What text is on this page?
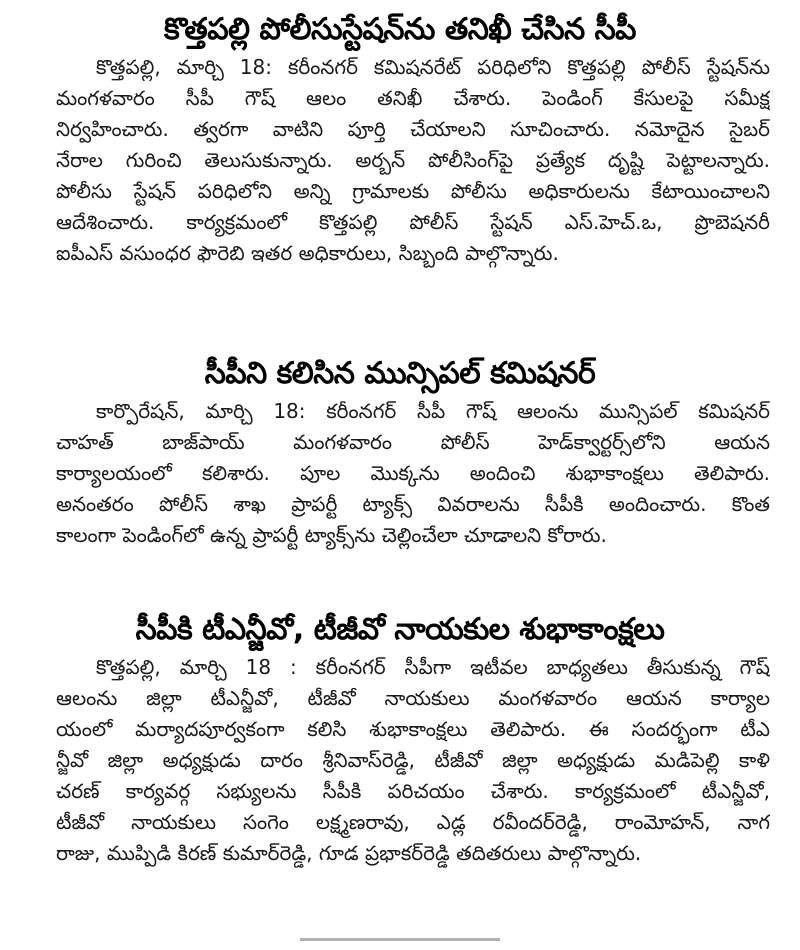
కొత్తపల్లి పోలీసుస్టేషన్‌ను తనిఖీ చేసిన సీపీ
కొత్తపల్లి, మార్చి 18: కరీంనగర్ కమిషనరేట్ పరిధిలోని కొత్తపల్లి పోలీస్ స్టేషన్‌ను
మంగళవారం సీపీ గౌష్ ఆలం తనిఖీ చేశారు. పెండింగ్ కేసులపై సమీక్ష
నిర్వహించారు. త్వరగా వాటిని పూర్తి చేయాలని సూచించారు. నమోదైన సైబర్
నేరాల గురించి తెలుసుకున్నారు. అర్బన్ పోలీసింగ్‌పై ప్రత్యేక దృష్టి పెట్టాలన్నారు.
పోలీసు స్టేషన్ పరిధిలోని అన్ని గ్రామాలకు పోలీసు అధికారులను కేటాయించాలని
ఆదేశించారు. కార్యక్రమంలో కొత్తపల్లి పోలీస్ స్టేషన్ ఎస్.హెచ్.ఒ, ప్రొబెషనరీ
ఐపీఎస్ వసుంధర ఫౌరెబి ఇతర అధికారులు, సిబ్బంది పాల్గొన్నారు.
సీపీని కలిసిన మున్సిపల్ కమిషనర్
కార్పొరేషన్, మార్చి 18: కరీంనగర్ సీపీ గౌష్ ఆలంను మున్సిపల్ కమిషనర్
చాహత్ బాజ్‌పాయ్ మంగళవారం పోలీస్ హెడ్‌క్వార్టర్స్‌లోని ఆయన
కార్యాలయంలో కలిశారు. పూల మొక్కను అందించి శుభాకాంక్షలు తెలిపారు.
అనంతరం పోలీస్ శాఖ ప్రాపర్టీ ట్యాక్స్ వివరాలను సీపీకి అందించారు. కొంత
కాలంగా పెండింగ్‌లో ఉన్న ప్రాపర్టీ ట్యాక్స్‌ను చెల్లించేలా చూడాలని కోరారు.
సీపీకి టీఎన్జీవో, టీజీవో నాయకుల శుభాకాంక్షలు
కొత్తపల్లి, మార్చి 18 : కరీంనగర్ సీపీగా ఇటీవల బాధ్యతలు తీసుకున్న గౌష్
ఆలంను జిల్లా టీఎన్జీవో, టీజీవో నాయకులు మంగళవారం ఆయన కార్యాల
యంలో మర్యాదపూర్వకంగా కలిసి శుభాకాంక్షలు తెలిపారు. ఈ సందర్భంగా టీఎ
న్జీవో జిల్లా అధ్యక్షుడు దారం శ్రీనివాస్‌రెడ్డి, టీజీవో జిల్లా అధ్యక్షుడు మడిపెల్లి కాళి
చరణ్ కార్యవర్గ సభ్యులను సీపీకి పరిచయం చేశారు. కార్యక్రమంలో టీఎన్జీవో,
టీజీవో నాయకులు సంగెం లక్ష్మణరావు, ఎడ్ల రవీందర్‌రెడ్డి, రాంమోహన్, నాగ
రాజు, ముప్పిడి కిరణ్ కుమార్‌రెడ్డి, గూడ ప్రభాకర్‌రెడ్డి తదితరులు పాల్గొన్నారు.
